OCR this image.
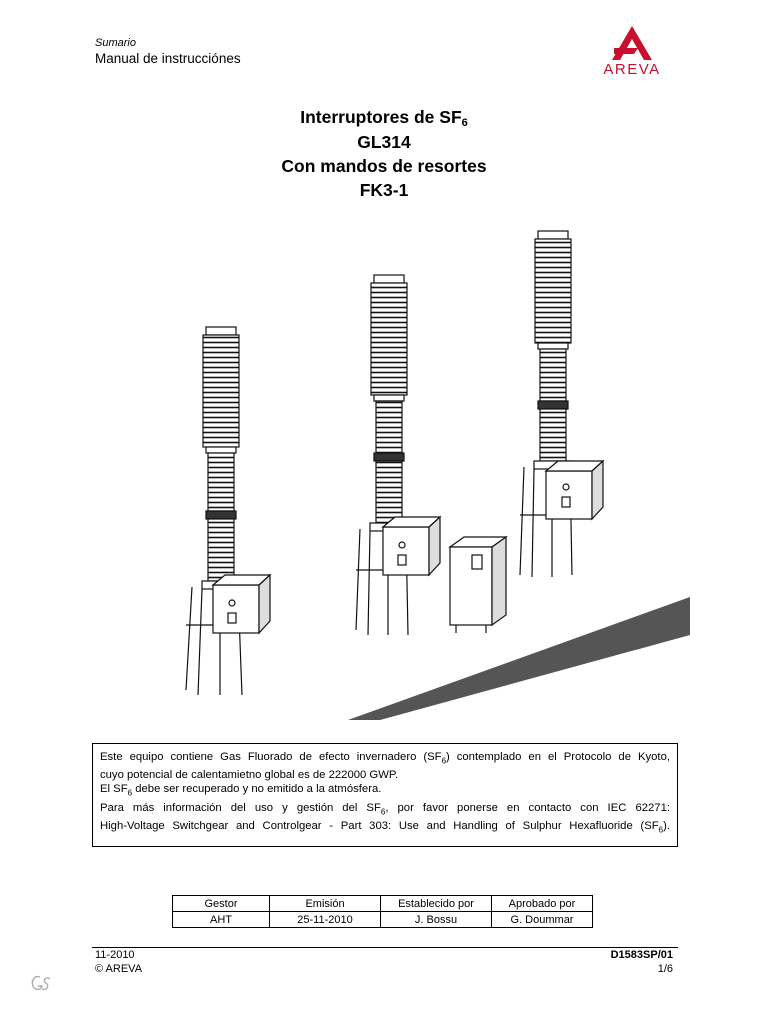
Sumario
Manual de instrucciónes
AREVA
Interruptores de $SF_6$
GL314
Con mandos de resortes
FK3-1

Este equipo contiene Gas Fluorado de efecto invernadero $(SF_6)$ contemplado en el Protocolo de Kyoto,

cuyo potencial de calentamietno global es de 222000 GWP.

El $SF_6$ debe ser recuperado y no emitido a la atmósfera.

Para más información del uso y gestión del $SF_6$, por favor ponerse en contacto con IEC 62271:

High-Voltage Switchgear and Controlgear - Part 303: Use and Handling of Sulphur Hexafluoride $(SF_6)$.

Gestor	Emisión	Establecido por	Aprobado por
AHT	25-11-2010	J. Bossu	G. Doummar
11-2010
© AREVA
D1583SP/01
1/6
